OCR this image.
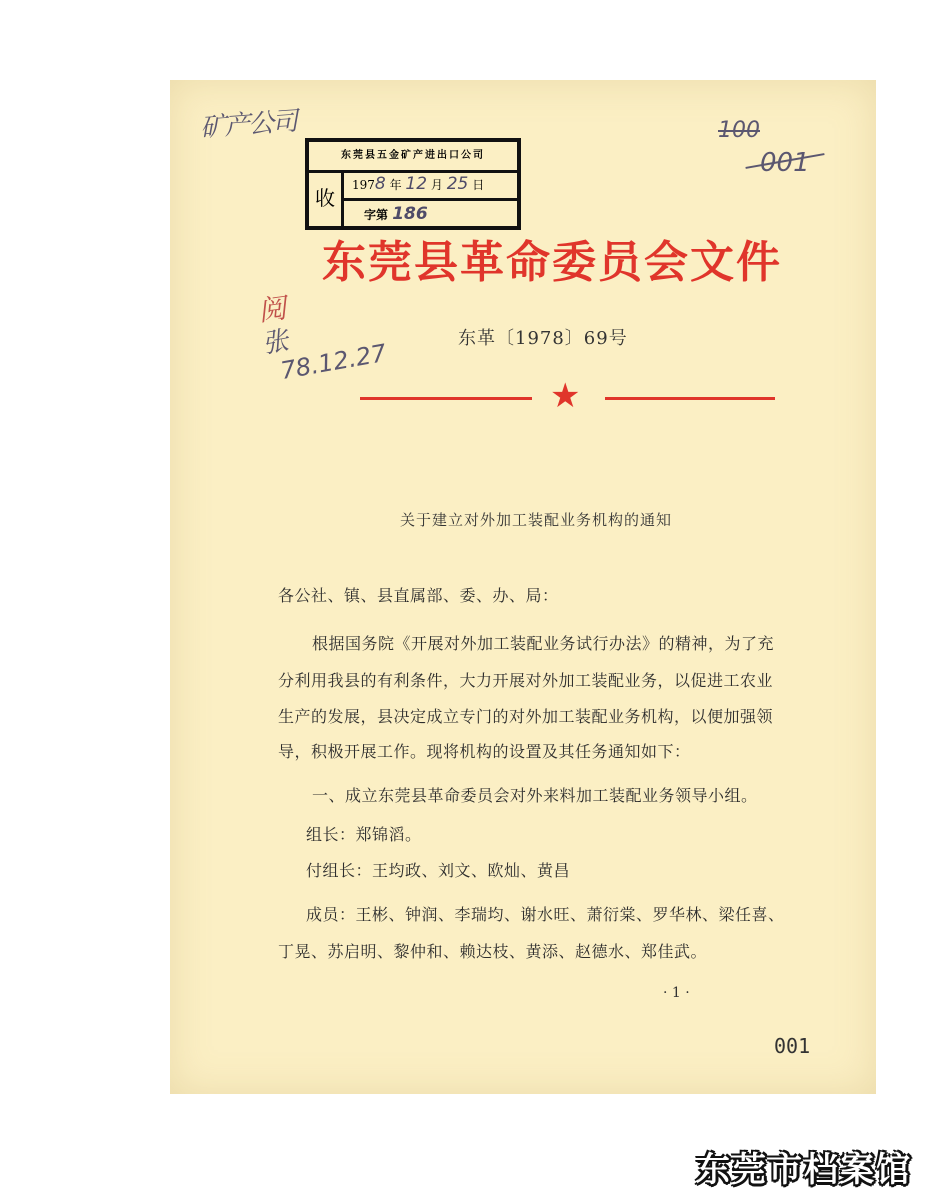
矿产公司
阅
张
78.12.27
100
001
东莞县五金矿产进出口公司
收
1978 年 12 月 25 日
字第 186
东莞县革命委员会文件
东革〔1978〕69号
★
关于建立对外加工装配业务机构的通知
各公社、镇、县直属部、委、办、局：
根据国务院《开展对外加工装配业务试行办法》的精神，为了充
分利用我县的有利条件，大力开展对外加工装配业务，以促进工农业
生产的发展，县决定成立专门的对外加工装配业务机构，以便加强领
导，积极开展工作。现将机构的设置及其任务通知如下：
一、成立东莞县革命委员会对外来料加工装配业务领导小组。
组长：郑锦滔。
付组长：王均政、刘文、欧灿、黄昌
成员：王彬、钟润、李瑞均、谢水旺、萧衍棠、罗华林、梁任喜、
丁晃、苏启明、黎仲和、赖达枝、黄添、赵德水、郑佳武。
· 1 ·
001
东莞市档案馆
